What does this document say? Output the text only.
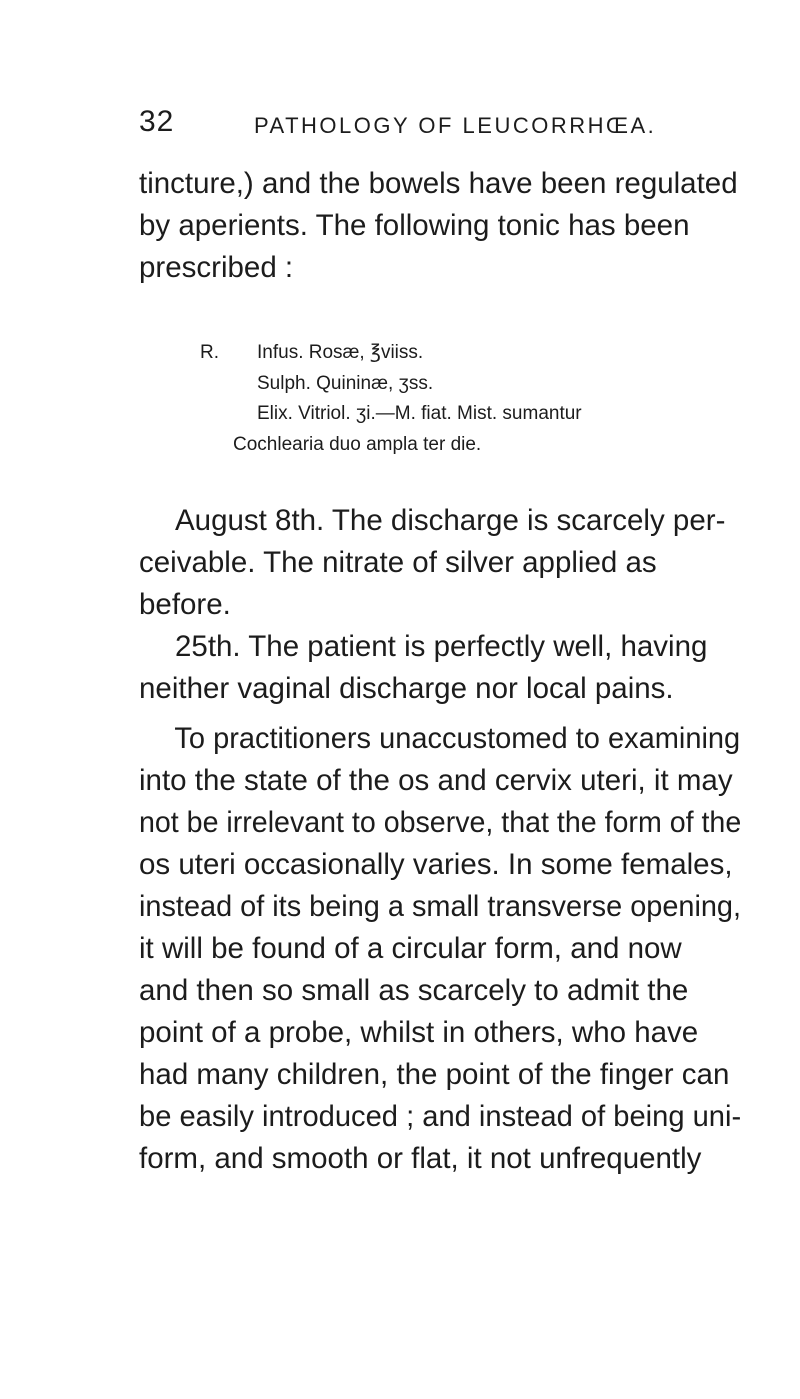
32	PATHOLOGY OF LEUCORRHŒA.
tincture,) and the bowels have been regulated
by aperients. The following tonic has been
prescribed :
R. Infus. Rosæ, ℥viiss.
Sulph. Quininæ, ʒss.
Elix. Vitriol. ʒi.—M. fiat. Mist. sumantur
Cochlearia duo ampla ter die.
August 8th. The discharge is scarcely per-
ceivable. The nitrate of silver applied as
before.
25th. The patient is perfectly well, having
neither vaginal discharge nor local pains.
To practitioners unaccustomed to examining
into the state of the os and cervix uteri, it may
not be irrelevant to observe, that the form of the
os uteri occasionally varies. In some females,
instead of its being a small transverse opening,
it will be found of a circular form, and now
and then so small as scarcely to admit the
point of a probe, whilst in others, who have
had many children, the point of the finger can
be easily introduced ; and instead of being uni-
form, and smooth or flat, it not unfrequently
